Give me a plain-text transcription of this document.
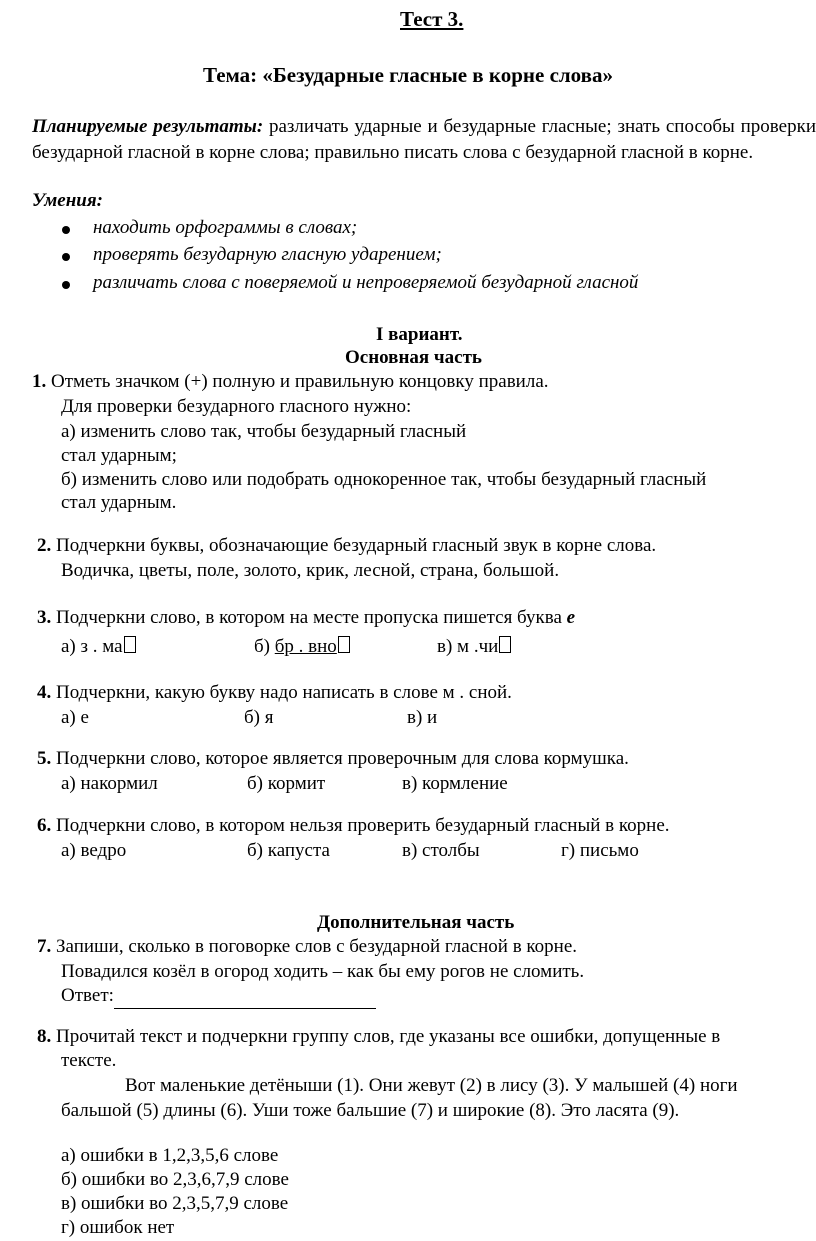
Тест 3.
Тема: «Безударные гласные в корне слова»
Планируемые результаты: различать ударные и безударные гласные; знать способы проверки безударной гласной в корне слова; правильно писать слова с безударной гласной в корне.
Умения:
находить орфограммы в словах;
проверять безударную гласную ударением;
различать слова с поверяемой и непроверяемой безударной гласной
I вариант.
Основная часть
1. Отметь значком (+) полную и правильную концовку правила.
Для проверки безударного гласного нужно:
а) изменить слово так, чтобы безударный гласный
стал ударным;
б) изменить слово или подобрать однокоренное так, чтобы безударный гласный
стал ударным.
2. Подчеркни буквы, обозначающие безударный гласный звук в корне слова.
Водичка, цветы, поле, золото, крик, лесной, страна, большой.
3. Подчеркни слово, в котором на месте пропуска пишется буква е
а) з . ма	б) бр . вно	в) м .чи
4. Подчеркни, какую букву надо написать в слове м . сной.
а) е	б) я	в) и
5. Подчеркни слово, которое является проверочным для слова кормушка.
а) накормил	б) кормит	в) кормление
6. Подчеркни слово, в котором нельзя проверить безударный гласный в корне.
а) ведро	б) капуста	в) столбы	г) письмо
Дополнительная часть
7. Запиши, сколько в поговорке слов с безударной гласной в корне.
Повадился козёл в огород ходить – как бы ему рогов не сломить.
Ответ:
8. Прочитай текст и подчеркни группу слов, где указаны все ошибки, допущенные в
тексте.
Вот маленькие детёныши (1). Они жевут (2) в лису (3). У малышей (4) ноги
бальшой (5) длины (6). Уши тоже бальшие (7) и широкие (8). Это ласята (9).
а) ошибки в 1,2,3,5,6 слове
б) ошибки во 2,3,6,7,9 слове
в) ошибки во 2,3,5,7,9 слове
г) ошибок нет
